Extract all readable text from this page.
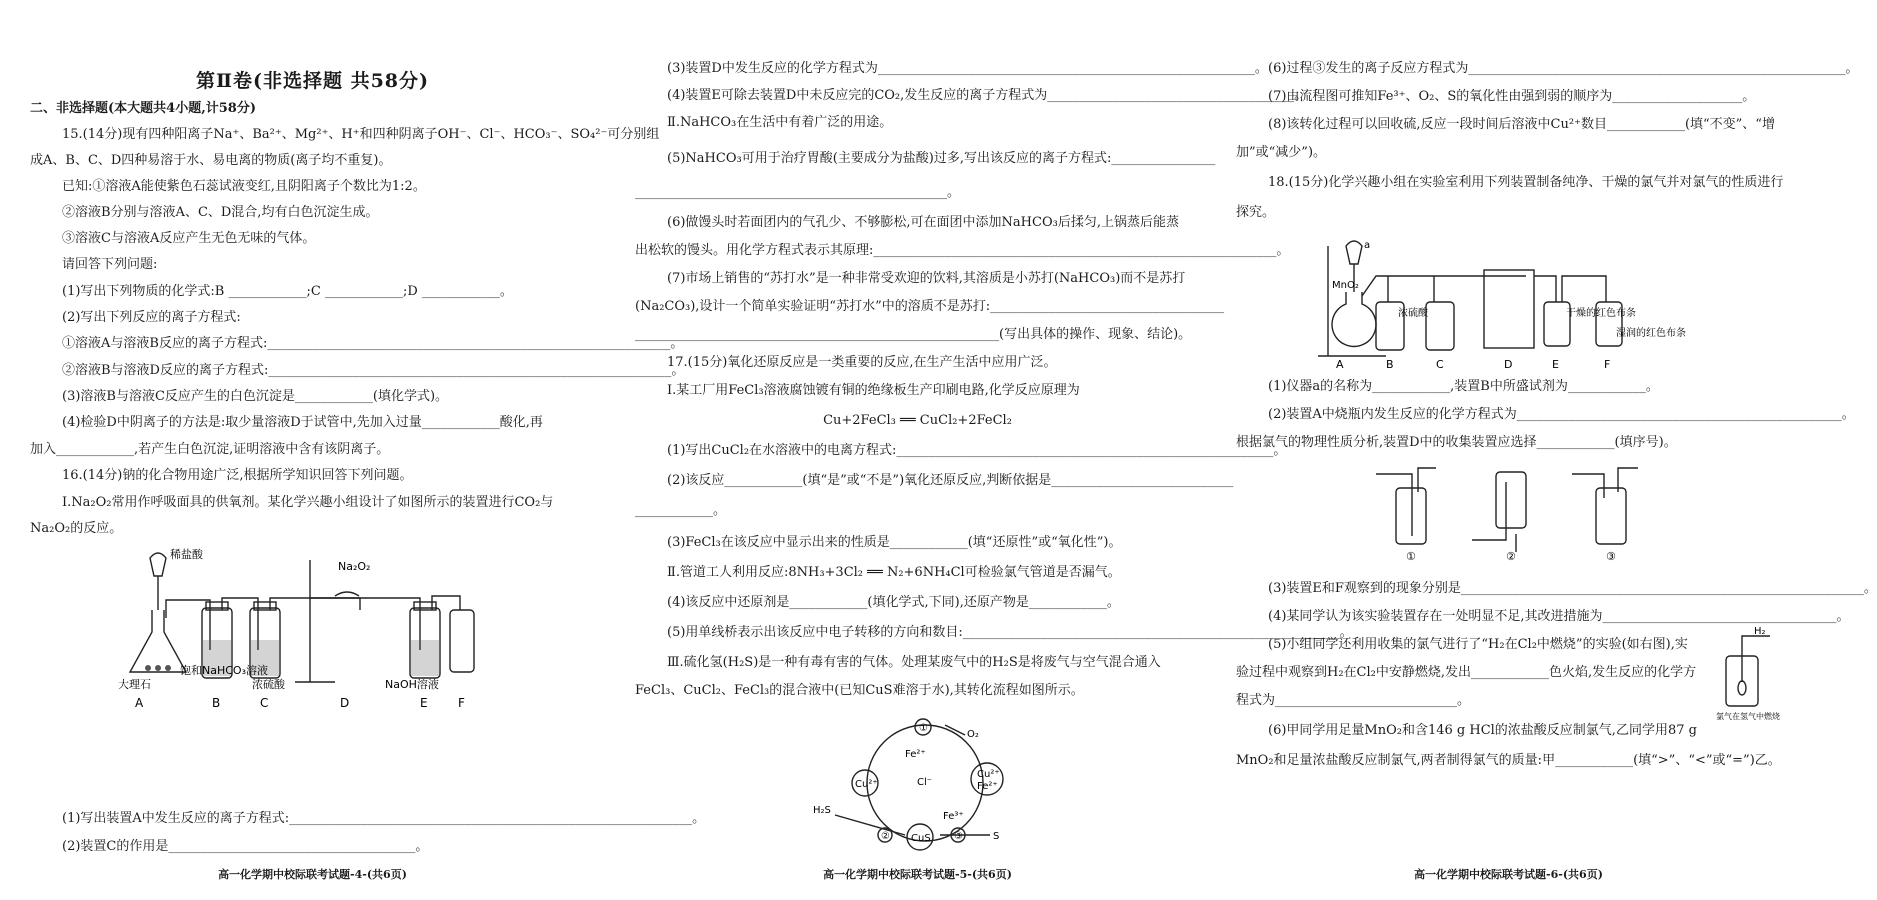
第Ⅱ卷(非选择题 共58分)
二、非选择题(本大题共4小题,计58分)
15.(14分)现有四种阳离子Na⁺、Ba²⁺、Mg²⁺、H⁺和四种阴离子OH⁻、Cl⁻、HCO₃⁻、SO₄²⁻可分别组
成A、B、C、D四种易溶于水、易电离的物质(离子均不重复)。
已知:①溶液A能使紫色石蕊试液变红,且阴阳离子个数比为1:2。
②溶液B分别与溶液A、C、D混合,均有白色沉淀生成。
③溶液C与溶液A反应产生无色无味的气体。
请回答下列问题:
(1)写出下列物质的化学式:B ____________;C ____________;D ____________。
(2)写出下列反应的离子方程式:
①溶液A与溶液B反应的离子方程式:______________________________________________________________。
②溶液B与溶液D反应的离子方程式:______________________________________________________________。
(3)溶液B与溶液C反应产生的白色沉淀是____________(填化学式)。
(4)检验D中阴离子的方法是:取少量溶液D于试管中,先加入过量____________酸化,再
加入____________,若产生白色沉淀,证明溶液中含有该阴离子。
16.(14分)钠的化合物用途广泛,根据所学知识回答下列问题。
Ⅰ.Na₂O₂常用作呼吸面具的供氧剂。某化学兴趣小组设计了如图所示的装置进行CO₂与
Na₂O₂的反应。
稀盐酸
大理石
饱和NaHCO₃溶液
浓硫酸
Na₂O₂
NaOH溶液
A	B	C	D	E	F
(1)写出装置A中发生反应的离子方程式:______________________________________________________________。
(2)装置C的作用是______________________________________。
高一化学期中校际联考试题-4-(共6页)
(3)装置D中发生反应的化学方程式为__________________________________________________________。
(4)装置E可除去装置D中未反应完的CO₂,发生反应的离子方程式为______________________________________。
Ⅱ.NaHCO₃在生活中有着广泛的用途。
(5)NaHCO₃可用于治疗胃酸(主要成分为盐酸)过多,写出该反应的离子方程式:________________
________________________________________________。
(6)做馒头时若面团内的气孔少、不够膨松,可在面团中添加NaHCO₃后揉匀,上锅蒸后能蒸
出松软的馒头。用化学方程式表示其原理:______________________________________________________________。
(7)市场上销售的“苏打水”是一种非常受欢迎的饮料,其溶质是小苏打(NaHCO₃)而不是苏打
(Na₂CO₃),设计一个简单实验证明“苏打水”中的溶质不是苏打:____________________________________
________________________________________________________(写出具体的操作、现象、结论)。
17.(15分)氧化还原反应是一类重要的反应,在生产生活中应用广泛。
Ⅰ.某工厂用FeCl₃溶液腐蚀镀有铜的绝缘板生产印刷电路,化学反应原理为
Cu+2FeCl₃ ══ CuCl₂+2FeCl₂
(1)写出CuCl₂在水溶液中的电离方程式:__________________________________________________________。
(2)该反应____________(填“是”或“不是”)氧化还原反应,判断依据是____________________________
____________。
(3)FeCl₃在该反应中显示出来的性质是____________(填“还原性”或“氧化性”)。
Ⅱ.管道工人利用反应:8NH₃+3Cl₂ ══ N₂+6NH₄Cl可检验氯气管道是否漏气。
(4)该反应中还原剂是____________(填化学式,下同),还原产物是____________。
(5)用单线桥表示出该反应中电子转移的方向和数目:__________________________________________________________。
Ⅲ.硫化氢(H₂S)是一种有毒有害的气体。处理某废气中的H₂S是将废气与空气混合通入
FeCl₃、CuCl₂、FeCl₃的混合液中(已知CuS难溶于水),其转化流程如图所示。
①
O₂
Fe²⁺
Cl⁻
Cu²⁺
Cu²⁺
Fe²⁺
Fe³⁺
H₂S
② CuS ③	S
高一化学期中校际联考试题-5-(共6页)
(6)过程③发生的离子反应方程式为__________________________________________________________。
(7)由流程图可推知Fe³⁺、O₂、S的氧化性由强到弱的顺序为____________________。
(8)该转化过程可以回收硫,反应一段时间后溶液中Cu²⁺数目____________(填“不变”、“增
加”或“减少”)。
18.(15分)化学兴趣小组在实验室利用下列装置制备纯净、干燥的氯气并对氯气的性质进行
探究。
a
MnO₂
浓硫酸	干燥的红色布条
湿润的红色布条
A	B	C	D	E	F
(1)仪器a的名称为____________,装置B中所盛试剂为____________。
(2)装置A中烧瓶内发生反应的化学方程式为__________________________________________________。
根据氯气的物理性质分析,装置D中的收集装置应选择____________(填序号)。
①	②	③
(3)装置E和F观察到的现象分别是______________________________________________________________。
(4)某同学认为该实验装置存在一处明显不足,其改进措施为____________________________________。
(5)小组同学还利用收集的氯气进行了“H₂在Cl₂中燃烧”的实验(如右图),实
验过程中观察到H₂在Cl₂中安静燃烧,发出____________色火焰,发生反应的化学方
程式为____________________________。
(6)甲同学用足量MnO₂和含146 g HCl的浓盐酸反应制氯气,乙同学用87 g
MnO₂和足量浓盐酸反应制氯气,两者制得氯气的质量:甲____________(填“>”、“<”或“=”)乙。
H₂
氯气在氢气中燃烧
高一化学期中校际联考试题-6-(共6页)
